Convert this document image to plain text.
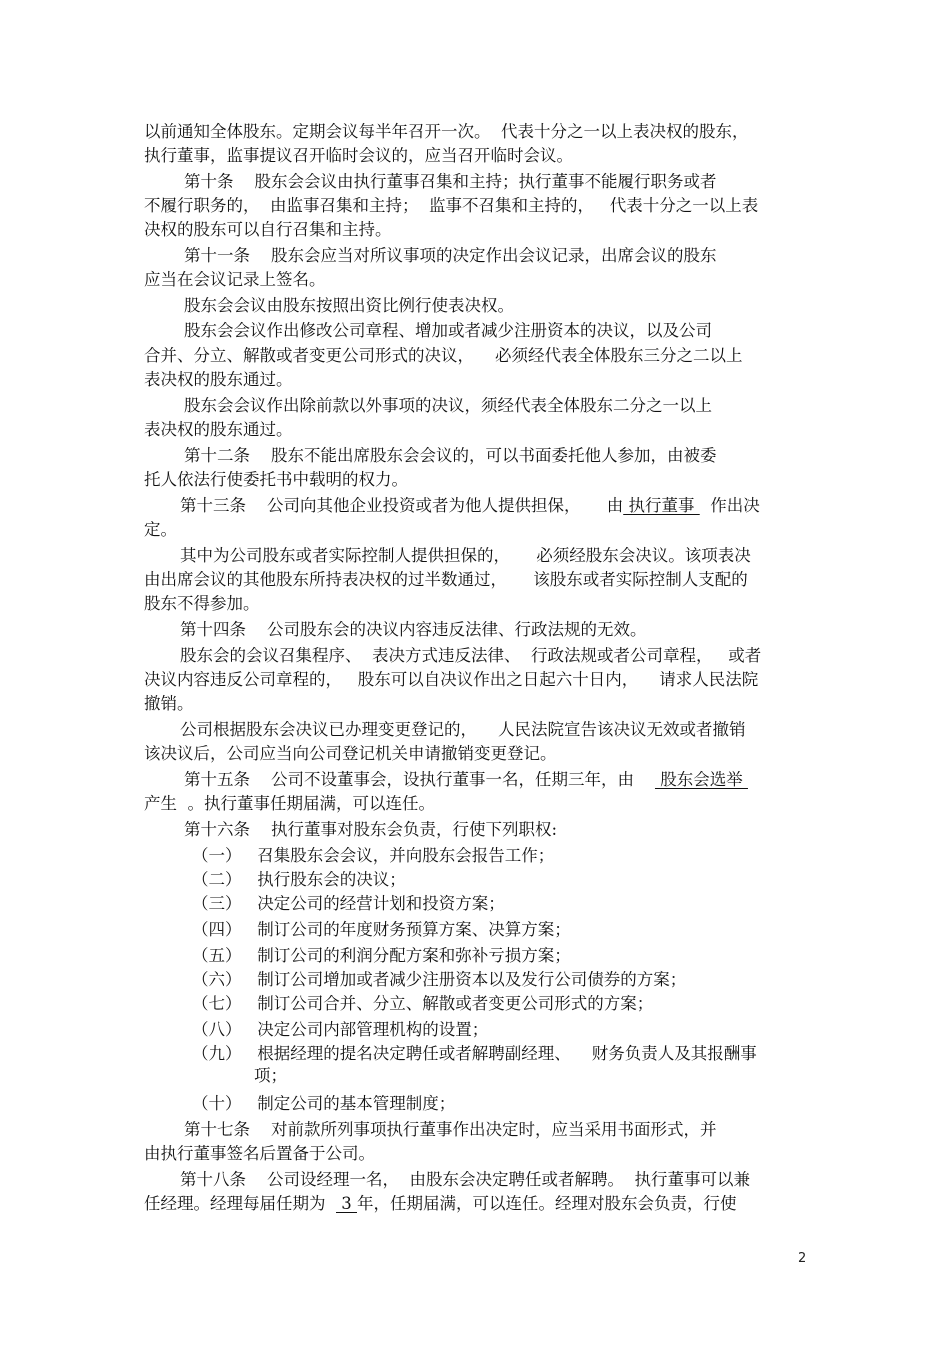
以前通知全体股东。定期会议每半年召开一次。  代表十分之一以上表决权的股东，
执行董事，监事提议召开临时会议的，应当召开临时会议。
第十条    股东会会议由执行董事召集和主持；执行董事不能履行职务或者
不履行职务的，  由监事召集和主持；  监事不召集和主持的，   代表十分之一以上表
决权的股东可以自行召集和主持。
第十一条    股东会应当对所议事项的决定作出会议记录，出席会议的股东
应当在会议记录上签名。
股东会会议由股东按照出资比例行使表决权。
股东会会议作出修改公司章程、增加或者减少注册资本的决议，以及公司
合并、分立、解散或者变更公司形式的决议，    必须经代表全体股东三分之二以上
表决权的股东通过。
股东会会议作出除前款以外事项的决议，须经代表全体股东二分之一以上
表决权的股东通过。
第十二条    股东不能出席股东会会议的，可以书面委托他人参加，由被委
托人依法行使委托书中载明的权力。
第十三条    公司向其他企业投资或者为他人提供担保，     由 执行董事   作出决
定。
其中为公司股东或者实际控制人提供担保的，     必须经股东会决议。该项表决
由出席会议的其他股东所持表决权的过半数通过，     该股东或者实际控制人支配的
股东不得参加。
第十四条    公司股东会的决议内容违反法律、行政法规的无效。
股东会的会议召集程序、  表决方式违反法律、  行政法规或者公司章程，   或者
决议内容违反公司章程的，   股东可以自决议作出之日起六十日内，    请求人民法院
撤销。
公司根据股东会决议已办理变更登记的，    人民法院宣告该决议无效或者撤销
该决议后，公司应当向公司登记机关申请撤销变更登记。
第十五条    公司不设董事会，设执行董事一名，任期三年，由     股东会选举
产生  。执行董事任期届满，可以连任。
第十六条    执行董事对股东会负责，行使下列职权:
（一）   召集股东会会议，并向股东会报告工作；
（二）   执行股东会的决议；
（三）   决定公司的经营计划和投资方案；
（四）   制订公司的年度财务预算方案、决算方案；
（五）   制订公司的利润分配方案和弥补亏损方案；
（六）   制订公司增加或者减少注册资本以及发行公司债券的方案；
（七）   制订公司合并、分立、解散或者变更公司形式的方案；
（八）   决定公司内部管理机构的设置；
（九）   根据经理的提名决定聘任或者解聘副经理、    财务负责人及其报酬事
项；
（十）   制定公司的基本管理制度；
第十七条    对前款所列事项执行董事作出决定时，应当采用书面形式，并
由执行董事签名后置备于公司。
第十八条    公司设经理一名，  由股东会决定聘任或者解聘。  执行董事可以兼
任经理。经理每届任期为   3 年，任期届满，可以连任。经理对股东会负责，行使
2
